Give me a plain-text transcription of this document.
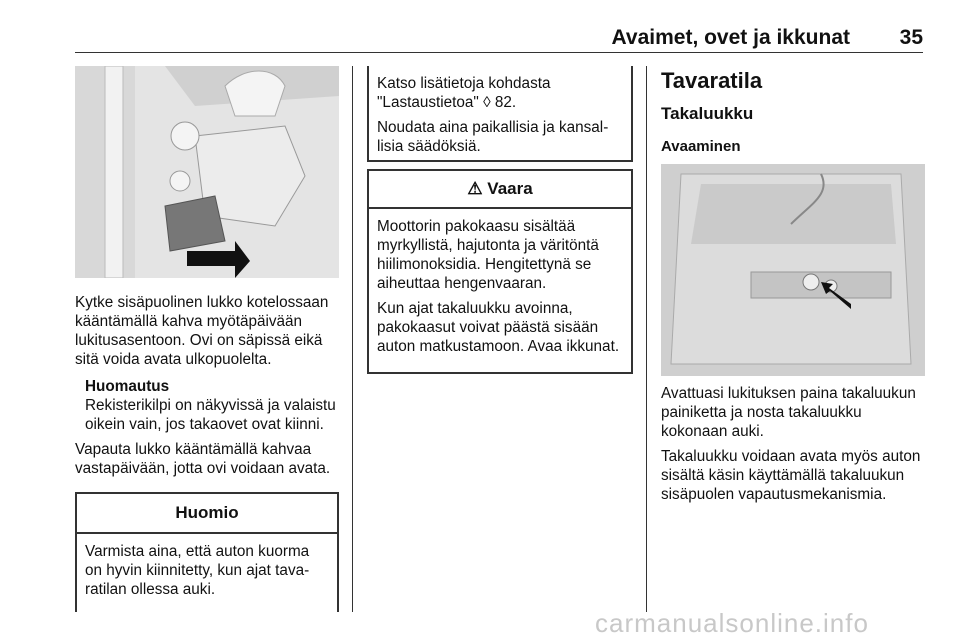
Avaimet, ovet ja ikkunat 35

Kytke sisäpuolinen lukko kotelossaan kääntämällä kahva myötäpäivään lukitusasentoon. Ovi on säpissä eikä sitä voida avata ulkopuolelta.

Huomautus

Rekisterikilpi on näkyvissä ja valaistu oikein vain, jos takaovet ovat kiinni.

Vapauta lukko kääntämällä kahvaa vastapäivään, jotta ovi voidaan avata.

Huomio

Varmista aina, että auton kuorma on hyvin kiinnitetty, kun ajat tavaratilan ollessa auki.

Katso lisätietoja kohdasta "Lastaustietoa" ◊ 82.

Noudata aina paikallisia ja kansallisia säädöksiä.

⚠ Vaara

Moottorin pakokaasu sisältää myrkyllistä, hajutonta ja väritöntä hiilimonoksidia. Hengitettynä se aiheuttaa hengenvaaran.

Kun ajat takaluukku avoinna, pakokaasut voivat päästä sisään auton matkustamoon. Avaa ikkunat.

Tavaratila
Takaluukku
Avaaminen

Avattuasi lukituksen paina takaluukun painiketta ja nosta takaluukku kokonaan auki.

Takaluukku voidaan avata myös auton sisältä käsin käyttämällä takaluukun sisäpuolen vapautusmekanismia.

carmanualsonline.info
